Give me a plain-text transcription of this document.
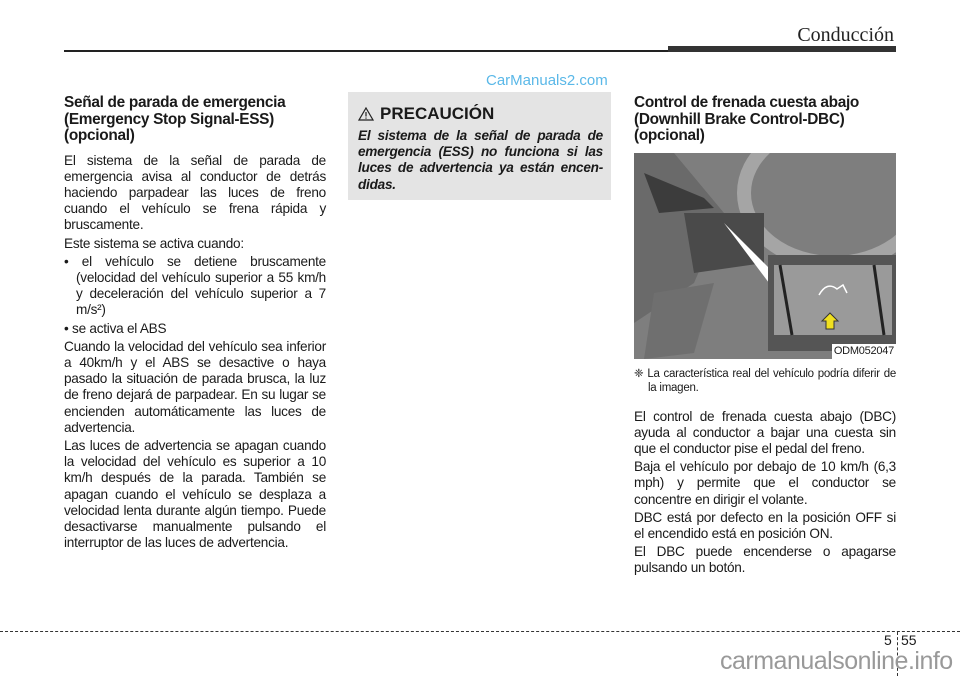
Conducción
Señal de parada de emergencia (Emergency Stop Signal-ESS) (opcional)

El sistema de la señal de parada de emergencia avisa al conductor de detrás haciendo parpadear las luces de freno cuando el vehículo se frena rápida y bruscamente.

Este sistema se activa cuando:

• el vehículo se detiene bruscamente (velocidad del vehículo superior a 55 km/h y deceleración del vehículo superior a 7 m/s²)

• se activa el ABS

Cuando la velocidad del vehículo sea inferior a 40km/h y el ABS se desactive o haya pasado la situación de parada brusca, la luz de freno dejará de parpadear. En su lugar se encienden automáticamente las luces de advertencia.

Las luces de advertencia se apagan cuando la velocidad del vehículo es superior a 10 km/h después de la parada. También se apagan cuando el vehículo se desplaza a velocidad lenta durante algún tiempo. Puede desactivarse manualmente pulsando el interruptor de las luces de advertencia.

PRECAUCIÓN
El sistema de la señal de parada de emergencia (ESS) no funciona si las luces de advertencia ya están encen-didas.
CarManuals2.com
Control de frenada cuesta abajo (Downhill Brake Control-DBC) (opcional)
ODM052047

❈ La característica real del vehículo podría diferir de la imagen.

El control de frenada cuesta abajo (DBC) ayuda al conductor a bajar una cuesta sin que el conductor pise el pedal del freno.

Baja el vehículo por debajo de 10 km/h (6,3 mph) y permite que el conductor se concentre en dirigir el volante.

DBC está por defecto en la posición OFF si el encendido está en posición ON.

El DBC puede encenderse o apagarse pulsando un botón.

5 55
carmanualsonline.info
